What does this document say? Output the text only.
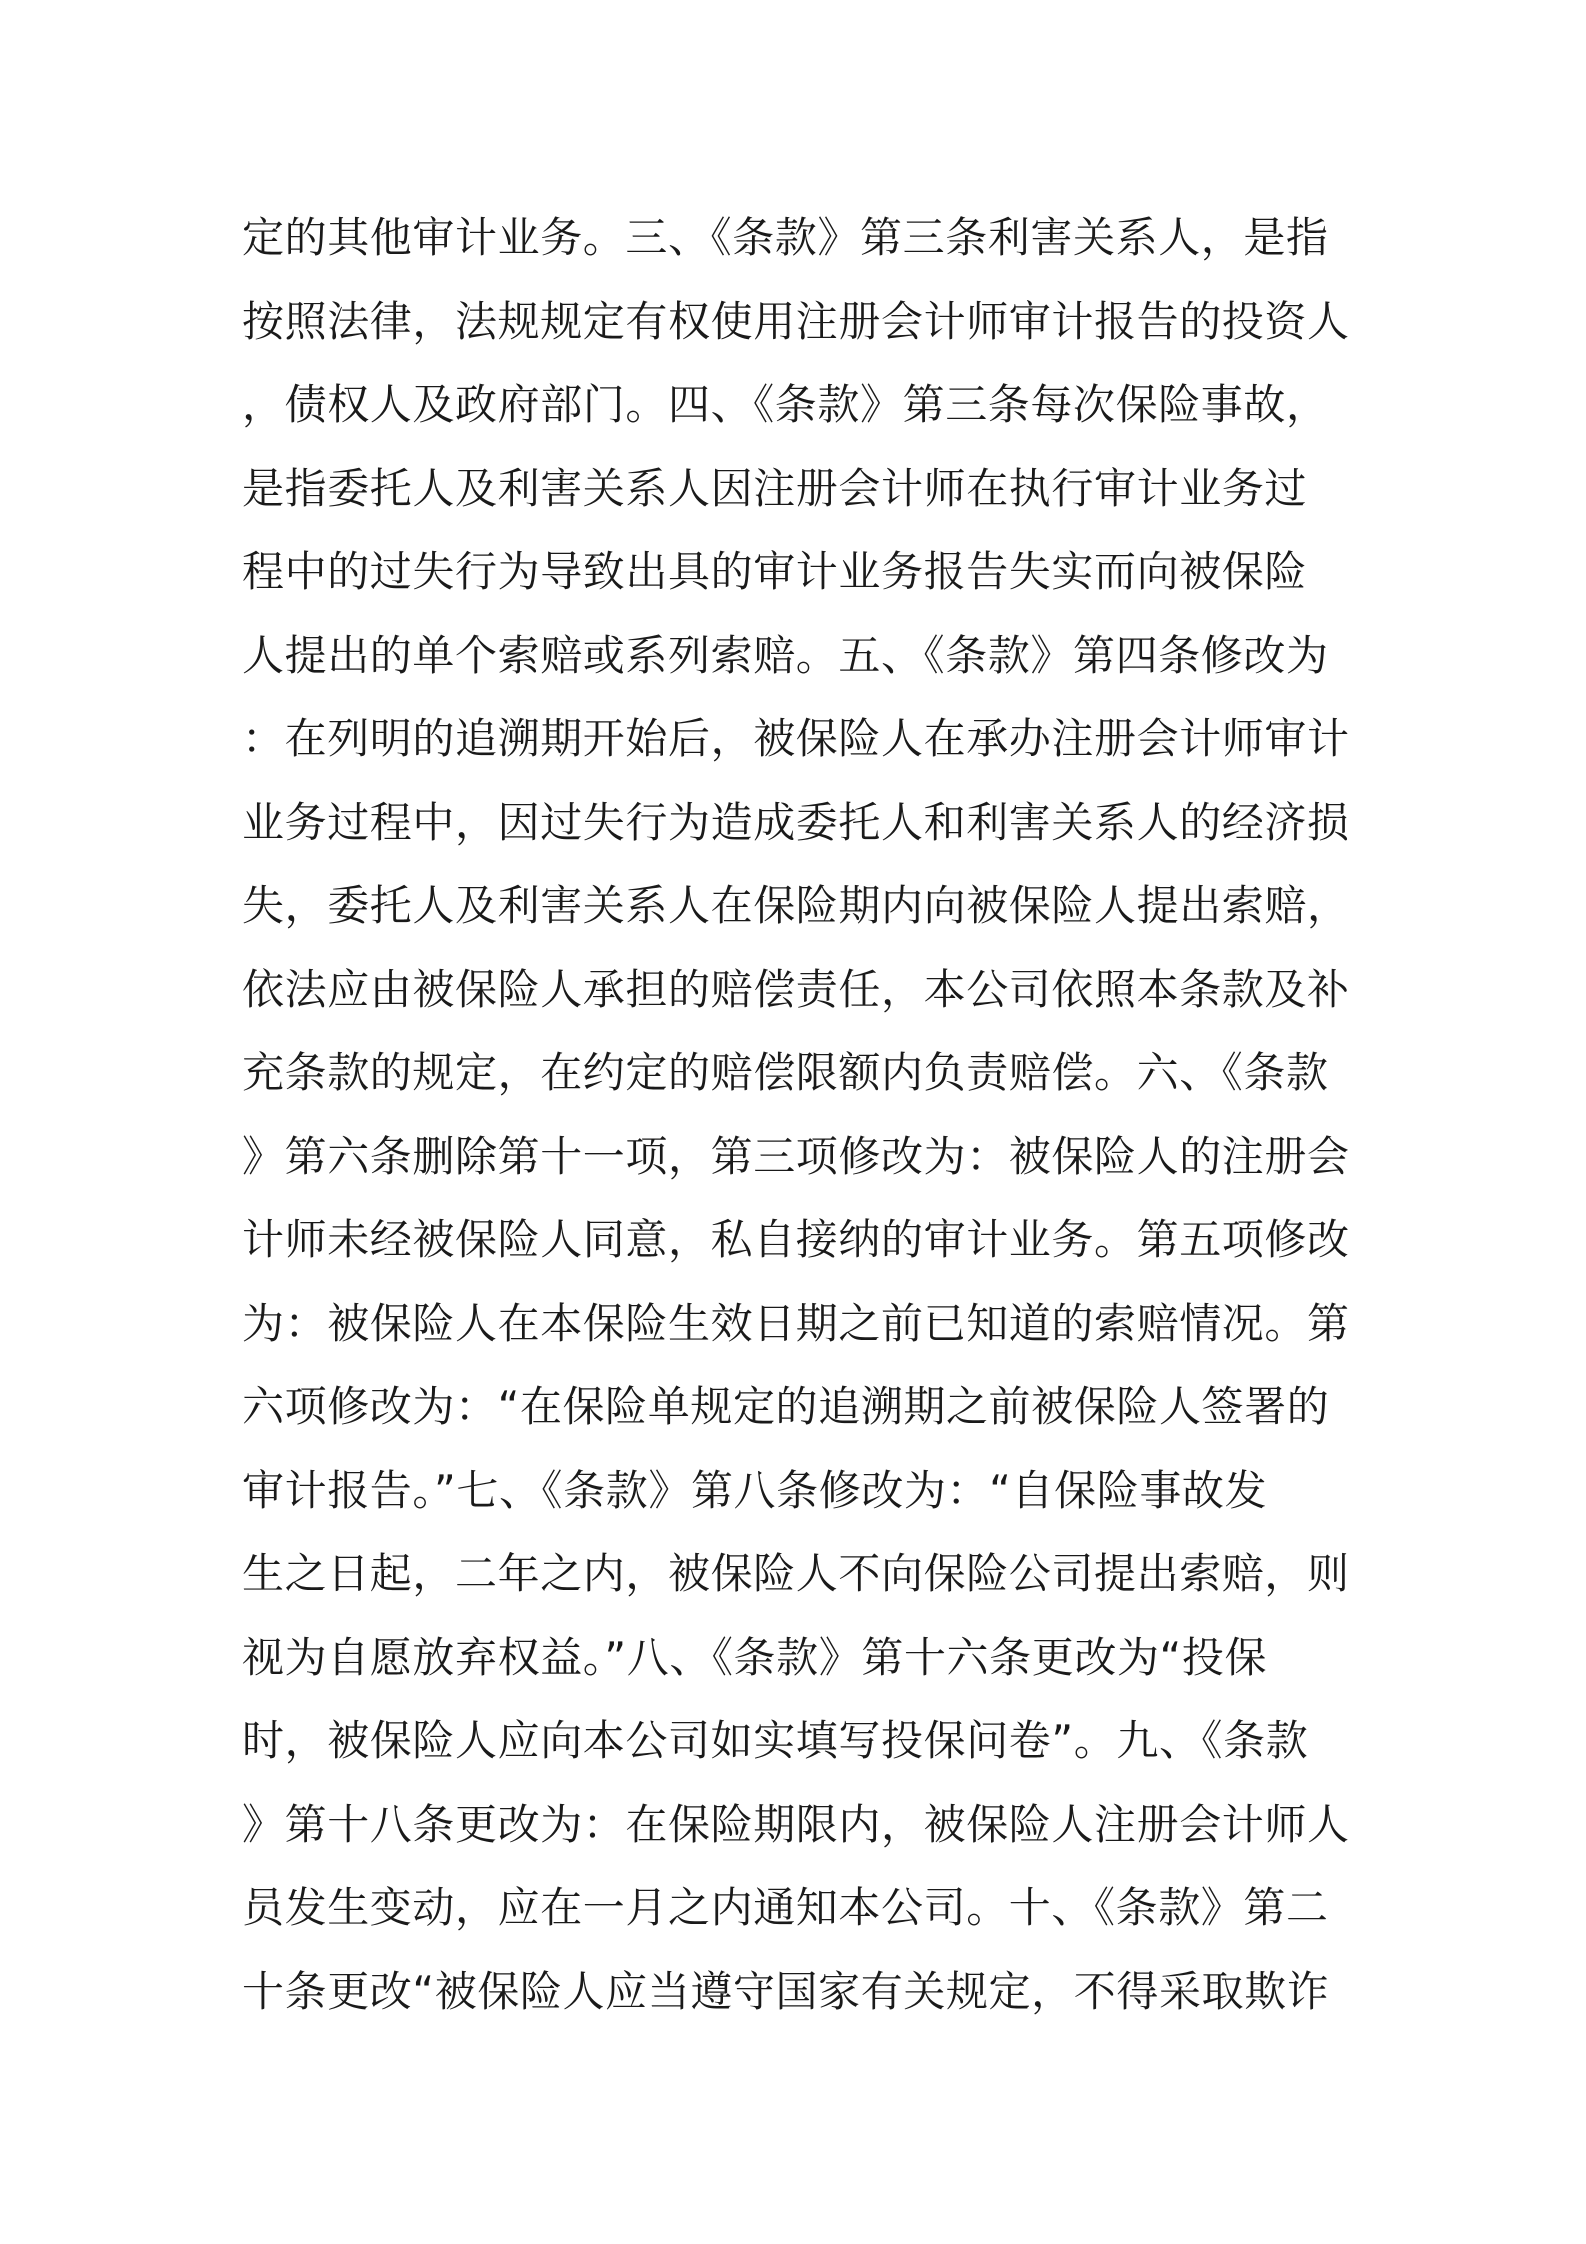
定的其他审计业务。三、《条款》第三条利害关系人，是指
按照法律，法规规定有权使用注册会计师审计报告的投资人
，债权人及政府部门。四、《条款》第三条每次保险事故，
是指委托人及利害关系人因注册会计师在执行审计业务过
程中的过失行为导致出具的审计业务报告失实而向被保险
人提出的单个索赔或系列索赔。五、《条款》第四条修改为
：在列明的追溯期开始后，被保险人在承办注册会计师审计
业务过程中，因过失行为造成委托人和利害关系人的经济损
失，委托人及利害关系人在保险期内向被保险人提出索赔，
依法应由被保险人承担的赔偿责任，本公司依照本条款及补
充条款的规定，在约定的赔偿限额内负责赔偿。六、《条款
》第六条删除第十一项，第三项修改为：被保险人的注册会
计师未经被保险人同意，私自接纳的审计业务。第五项修改
为：被保险人在本保险生效日期之前已知道的索赔情况。第
六项修改为：“在保险单规定的追溯期之前被保险人签署的
审计报告。”七、《条款》第八条修改为：“自保险事故发
生之日起，二年之内，被保险人不向保险公司提出索赔，则
视为自愿放弃权益。”八、《条款》第十六条更改为“投保
时，被保险人应向本公司如实填写投保问卷”。九、《条款
》第十八条更改为：在保险期限内，被保险人注册会计师人
员发生变动，应在一月之内通知本公司。十、《条款》第二
十条更改“被保险人应当遵守国家有关规定，不得采取欺诈
